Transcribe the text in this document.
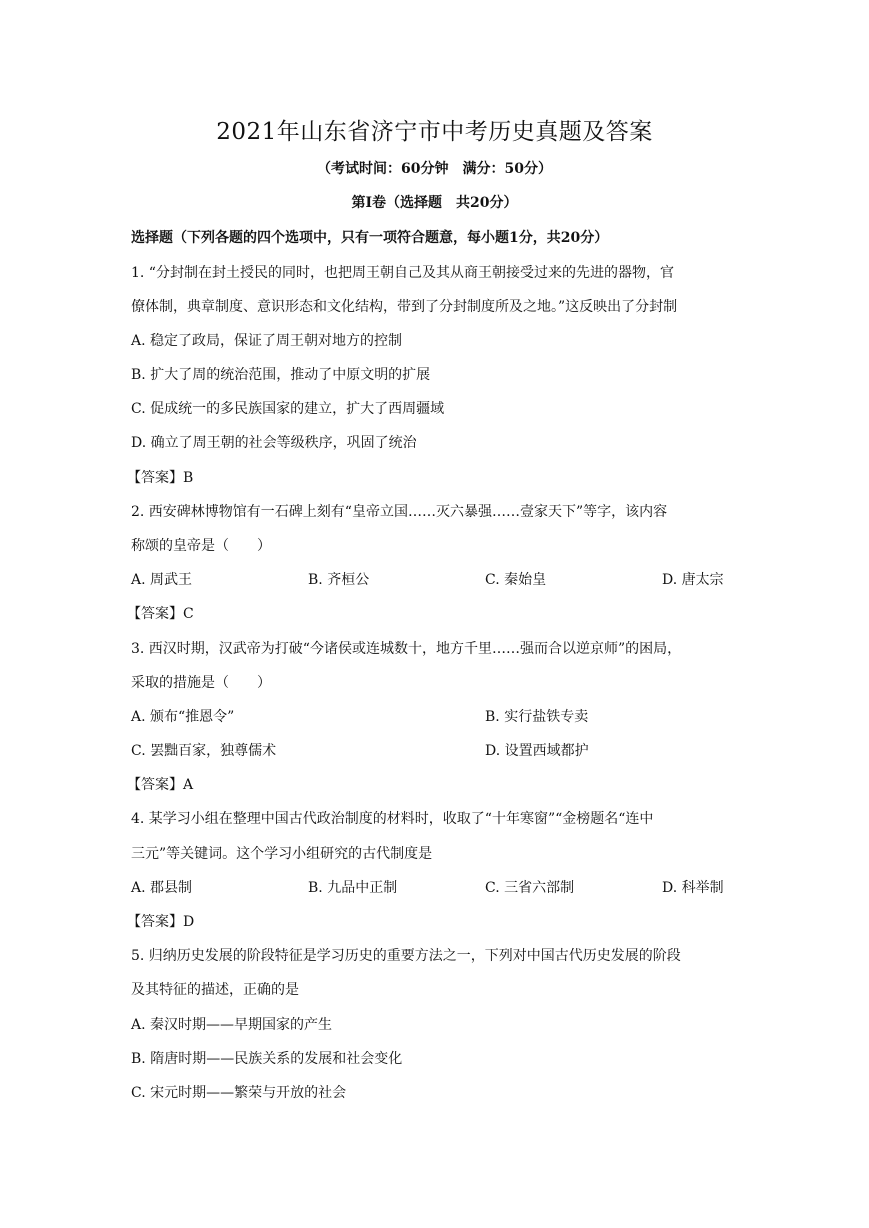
2021年山东省济宁市中考历史真题及答案
（考试时间：60分钟　满分：50分）
第Ⅰ卷（选择题　共20分）
选择题（下列各题的四个选项中，只有一项符合题意，每小题1分，共20分）
1. “分封制在封土授民的同时，也把周王朝自己及其从商王朝接受过来的先进的器物，官
僚体制，典章制度、意识形态和文化结构，带到了分封制度所及之地。”这反映出了分封制
A. 稳定了政局，保证了周王朝对地方的控制
B. 扩大了周的统治范围，推动了中原文明的扩展
C. 促成统一的多民族国家的建立，扩大了西周疆域
D. 确立了周王朝的社会等级秩序，巩固了统治
【答案】B
2. 西安碑林博物馆有一石碑上刻有“皇帝立国……灭六暴强……壹家天下”等字，该内容
称颂的皇帝是（　　）
A. 周武王	B. 齐桓公	C. 秦始皇	D. 唐太宗
【答案】C
3. 西汉时期，汉武帝为打破“今诸侯或连城数十，地方千里……强而合以逆京师”的困局，
采取的措施是（　　）
A. 颁布“推恩令”	B. 实行盐铁专卖
C. 罢黜百家，独尊儒术	D. 设置西域都护
【答案】A
4. 某学习小组在整理中国古代政治制度的材料时，收取了“十年寒窗”“金榜题名“连中
三元”等关键词。这个学习小组研究的古代制度是
A. 郡县制	B. 九品中正制	C. 三省六部制	D. 科举制
【答案】D
5. 归纳历史发展的阶段特征是学习历史的重要方法之一，下列对中国古代历史发展的阶段
及其特征的描述，正确的是
A. 秦汉时期——早期国家的产生
B. 隋唐时期——民族关系的发展和社会变化
C. 宋元时期——繁荣与开放的社会
